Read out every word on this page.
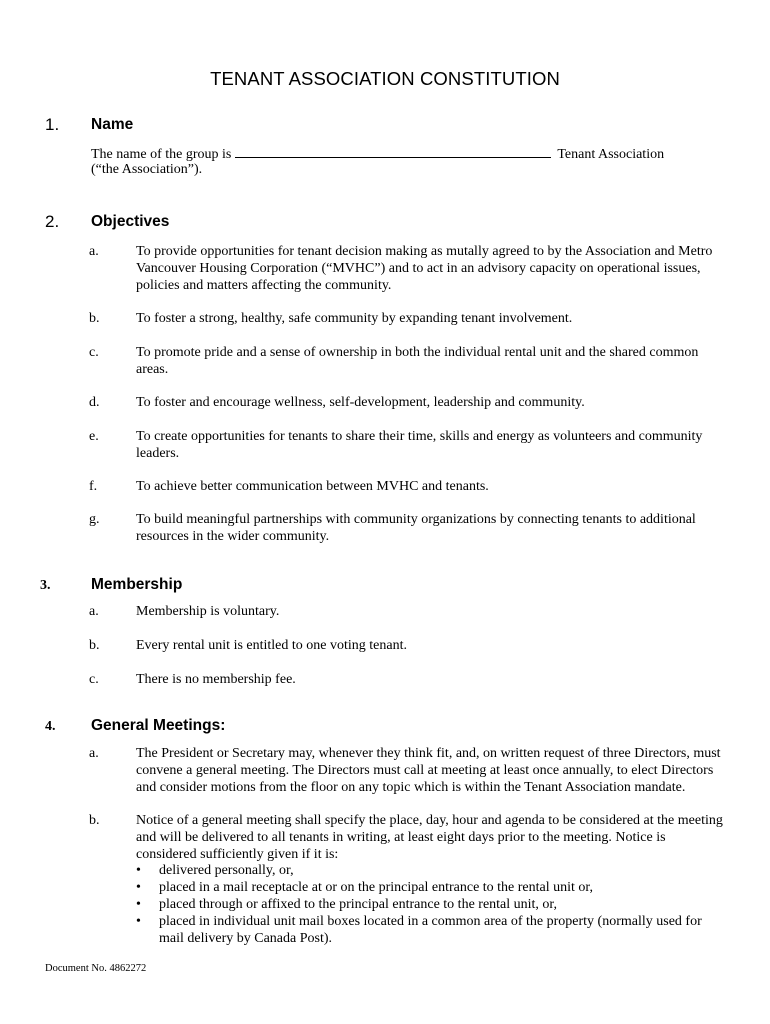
TENANT ASSOCIATION CONSTITUTION
1. Name
The name of the group is	Tenant Association
(“the Association”).
2. Objectives
3.	Membership
4. General Meetings:
a.	To provide opportunities for tenant decision making as mutally agreed to by the Association and Metro
Vancouver Housing Corporation (“MVHC”) and to act in an advisory capacity on operational issues,
policies and matters affecting the community.
b.	To foster a strong, healthy, safe community by expanding tenant involvement.
c.	To promote pride and a sense of ownership in both the individual rental unit and the shared common
areas.
d.	To foster and encourage wellness, self-development, leadership and community.
e.	To create opportunities for tenants to share their time, skills and energy as volunteers and community
leaders.
f.	To achieve better communication between MVHC and tenants.
g.	To build meaningful partnerships with community organizations by connecting tenants to additional
resources in the wider community.
a.	Membership is voluntary.
b.	Every rental unit is entitled to one voting tenant.
c.	There is no membership fee.
a.	The President or Secretary may, whenever they think fit, and, on written request of three Directors, must
convene a general meeting. The Directors must call at meeting at least once annually, to elect Directors
and consider motions from the floor on any topic which is within the Tenant Association mandate.
b.	Notice of a general meeting shall specify the place, day, hour and agenda to be considered at the meeting
and will be delivered to all tenants in writing, at least eight days prior to the meeting. Notice is
considered sufficiently given if it is:
• delivered personally, or,
• placed in a mail receptacle at or on the principal entrance to the rental unit or,
• placed through or affixed to the principal entrance to the rental unit, or,
• placed in individual unit mail boxes located in a common area of the property (normally used for
mail delivery by Canada Post).
Document No. 4862272
